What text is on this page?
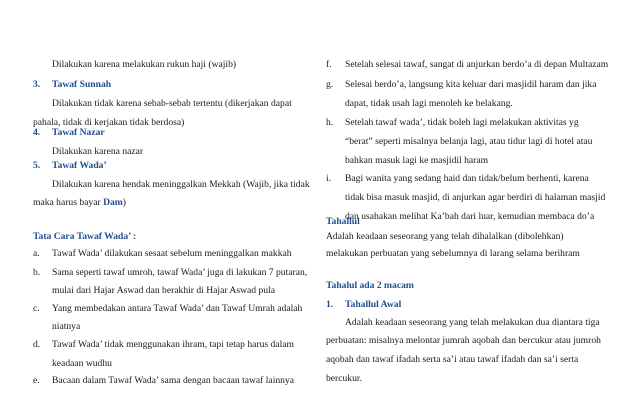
Dilakukan karena melakukan rukun haji (wajib)
3. Tawaf Sunnah
Dilakukan tidak karena sebab-sebab tertentu (dikerjakan dapat
pahala, tidak di kerjakan tidak berdosa)
4. Tawaf Nazar
Dilakukan karena nazar
5. Tawaf Wada’
Dilakukan karena hendak meninggalkan Mekkah (Wajib, jika tidak
maka harus bayar Dam)
Tata Cara Tawaf Wada’ :
a. Tawaf Wada’ dilakukan sesaat sebelum meninggalkan makkah
b. Sama seperti tawaf umroh, tawaf Wada’ juga di lakukan 7 putaran,
mulai dari Hajar Aswad dan berakhir di Hajar Aswad pula
c. Yang membedakan antara Tawaf Wada’ dan Tawaf Umrah adalah
niatnya
d. Tawaf Wada’ tidak menggunakan ihram, tapi tetap harus dalam
keadaan wudhu
e. Bacaan dalam Tawaf Wada’ sama dengan bacaan tawaf lainnya
f. Setelah selesai tawaf, sangat di anjurkan berdo’a di depan Multazam
g. Selesai berdo’a, langsung kita keluar dari masjidil haram dan jika
dapat, tidak usah lagi menoleh ke belakang.
h. Setelah tawaf wada’, tidak boleh lagi melakukan aktivitas yg
“berat” seperti misalnya belanja lagi, atau tidur lagi di hotel atau
bahkan masuk lagi ke masjidil haram
i. Bagi wanita yang sedang haid dan tidak/belum berhenti, karena
tidak bisa masuk masjid, di anjurkan agar berdiri di halaman masjid
dan usahakan melihat Ka’bah dari luar, kemudian membaca do’a
Tahallul
Adalah keadaan seseorang yang telah dihalalkan (dibolehkan)
melakukan perbuatan yang sebelumnya di larang selama berihram
Tahalul ada 2 macam
1. Tahallul Awal
Adalah keadaan seseorang yang telah melakukan dua diantara tiga
perbuatan: misalnya melontar jumrah aqobah dan bercukur atau jumroh
aqobah dan tawaf ifadah serta sa’i atau tawaf ifadah dan sa’i serta
bercukur.
